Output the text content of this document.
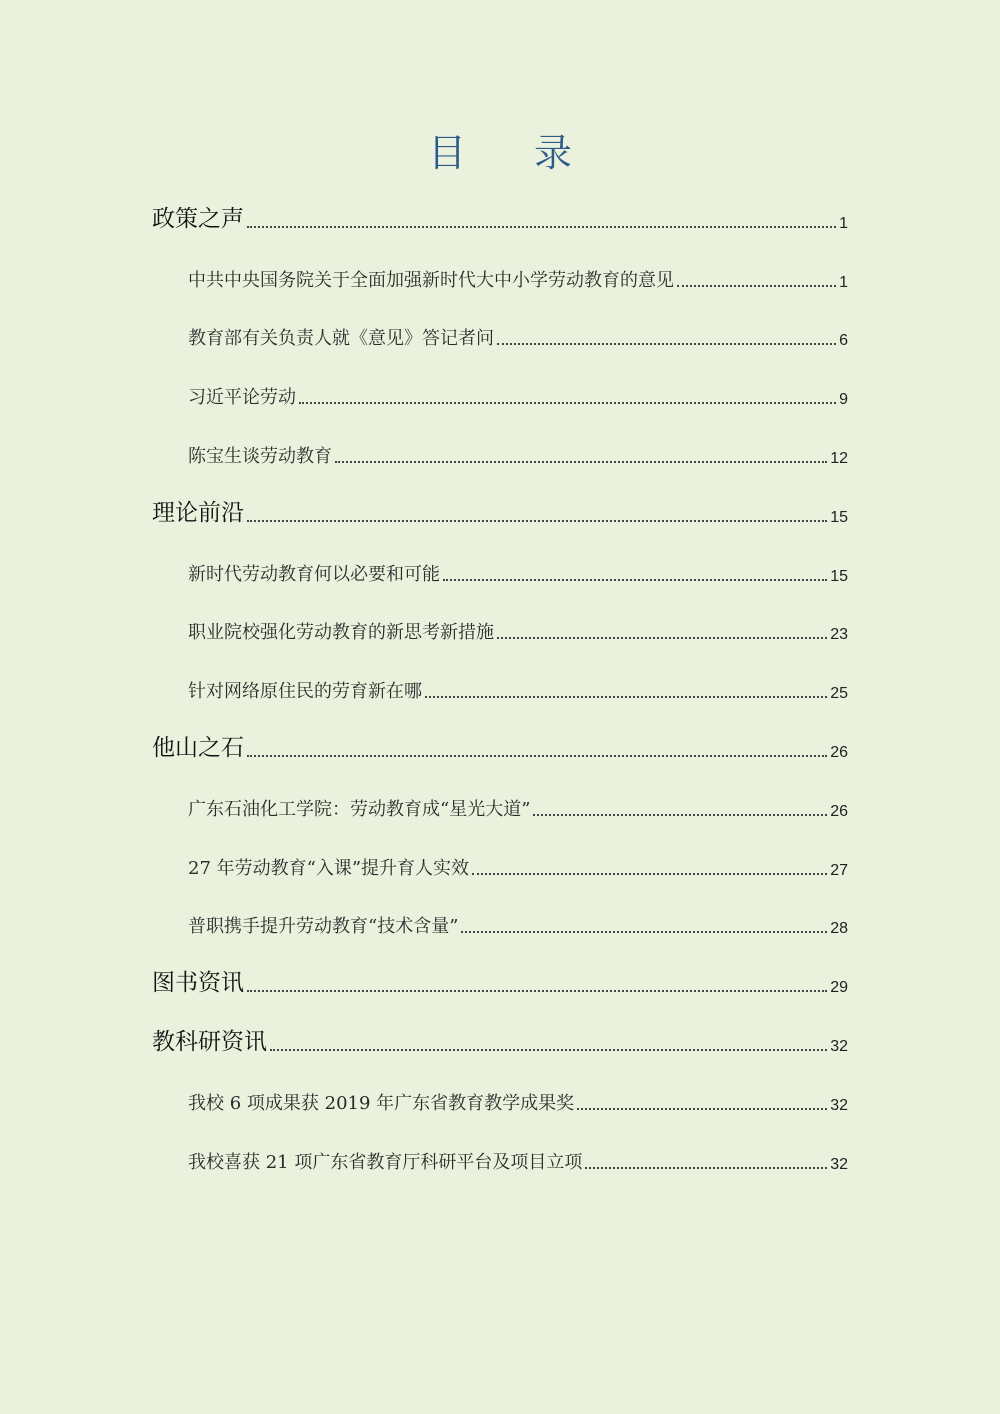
目 录
政策之声	1
中共中央国务院关于全面加强新时代大中小学劳动教育的意见	1
教育部有关负责人就《意见》答记者问	6
习近平论劳动	9
陈宝生谈劳动教育	12
理论前沿	15
新时代劳动教育何以必要和可能	15
职业院校强化劳动教育的新思考新措施	23
针对网络原住民的劳育新在哪	25
他山之石	26
广东石油化工学院：劳动教育成“星光大道”	26
27 年劳动教育“入课”提升育人实效	27
普职携手提升劳动教育“技术含量”	28
图书资讯	29
教科研资讯	32
我校 6 项成果获 2019 年广东省教育教学成果奖	32
我校喜获 21 项广东省教育厅科研平台及项目立项	32
